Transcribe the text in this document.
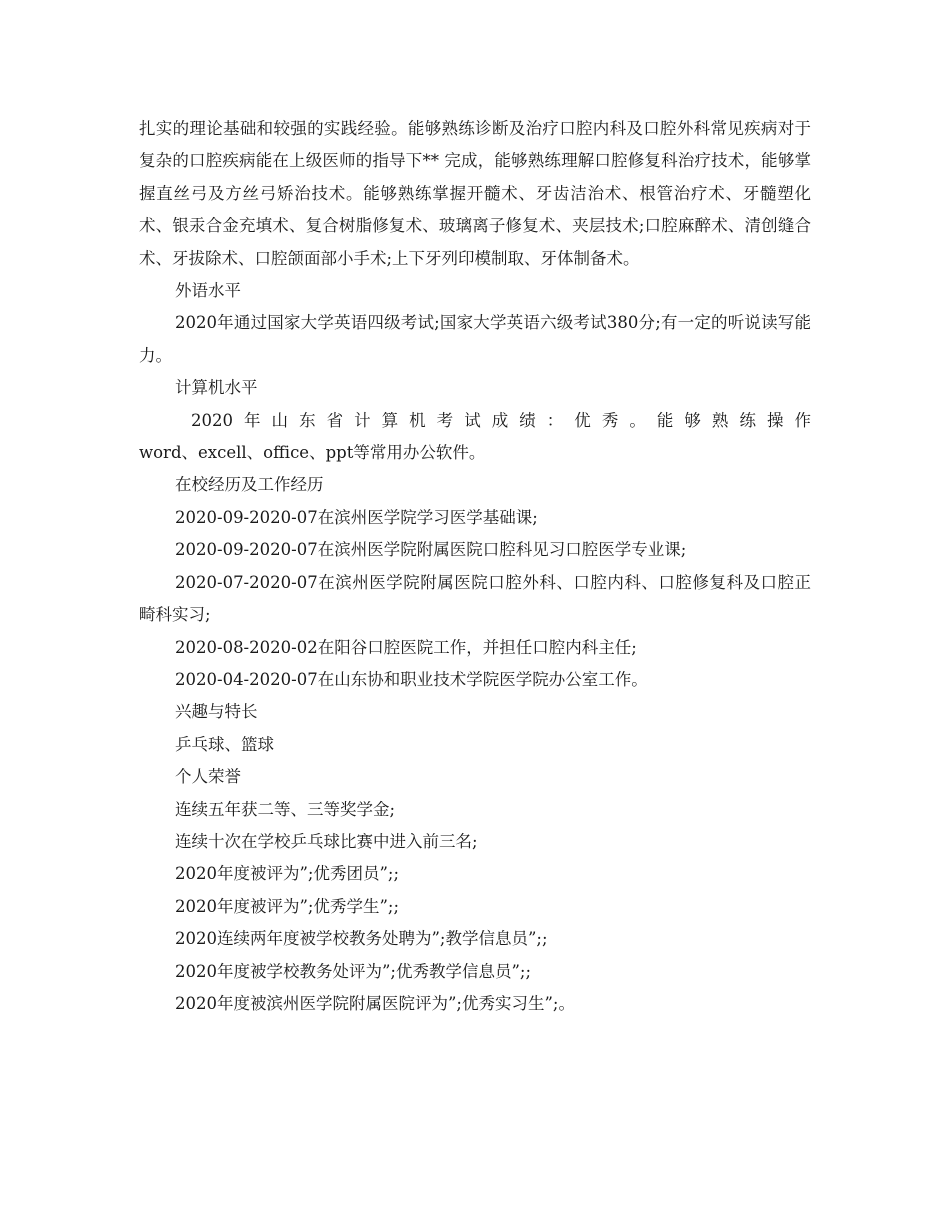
扎实的理论基础和较强的实践经验。能够熟练诊断及治疗口腔内科及口腔外科常见疾病对于复杂的口腔疾病能在上级医师的指导下** 完成，能够熟练理解口腔修复科治疗技术，能够掌握直丝弓及方丝弓矫治技术。能够熟练掌握开髓术、牙齿洁治术、根管治疗术、牙髓塑化术、银汞合金充填术、复合树脂修复术、玻璃离子修复术、夹层技术;口腔麻醉术、清创缝合术、牙拔除术、口腔颌面部小手术;上下牙列印模制取、牙体制备术。

外语水平

2020年通过国家大学英语四级考试;国家大学英语六级考试380分;有一定的听说读写能力。

计算机水平

2020年山东省计算机考试成绩：优秀。能够熟练操作

word、excell、office、ppt等常用办公软件。

在校经历及工作经历

2020-09-2020-07在滨州医学院学习医学基础课;

2020-09-2020-07在滨州医学院附属医院口腔科见习口腔医学专业课;

2020-07-2020-07在滨州医学院附属医院口腔外科、口腔内科、口腔修复科及口腔正畸科实习;

2020-08-2020-02在阳谷口腔医院工作，并担任口腔内科主任;

2020-04-2020-07在山东协和职业技术学院医学院办公室工作。

兴趣与特长

乒乓球、篮球

个人荣誉

连续五年获二等、三等奖学金;

连续十次在学校乒乓球比赛中进入前三名;

2020年度被评为”;优秀团员”;;

2020年度被评为”;优秀学生”;;

2020连续两年度被学校教务处聘为”;教学信息员”;;

2020年度被学校教务处评为”;优秀教学信息员”;;

2020年度被滨州医学院附属医院评为”;优秀实习生”;。
